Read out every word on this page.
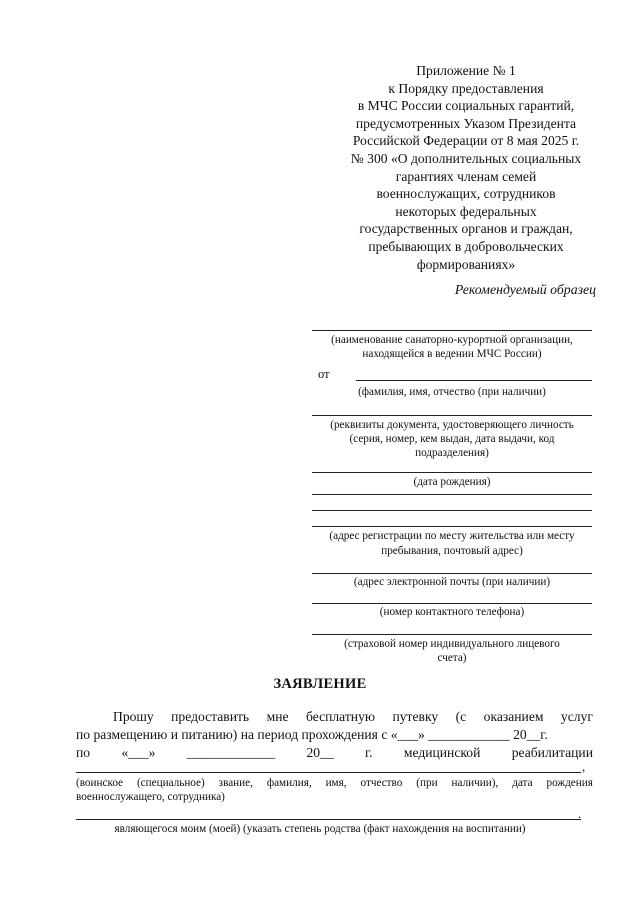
Приложение № 1
к Порядку предоставления
в МЧС России социальных гарантий,
предусмотренных Указом Президента
Российской Федерации от 8 мая 2025 г.
№ 300 «О дополнительных социальных
гарантиях членам семей
военнослужащих, сотрудников
некоторых федеральных
государственных органов и граждан,
пребывающих в добровольческих
формированиях»
Рекомендуемый образец
(наименование санаторно-курортной организации,
находящейся в ведении МЧС России)
от
(фамилия, имя, отчество (при наличии)
(реквизиты документа, удостоверяющего личность
(серия, номер, кем выдан, дата выдачи, код
подразделения)
(дата рождения)
(адрес регистрации по месту жительства или месту
пребывания, почтовый адрес)
(адрес электронной почты (при наличии)
(номер контактного телефона)
(страховой номер индивидуального лицевого
счета)
ЗАЯВЛЕНИЕ
Прошу предоставить мне бесплатную путевку (с оказанием услуг
по размещению и питанию) на период прохождения с «___» ____________ 20__г.
по «___» _____________ 20__ г. медицинской реабилитации
,
(воинское (специальное) звание, фамилия, имя, отчество (при наличии), дата рождения
военнослужащего, сотрудника)
.
являющегося моим (моей) (указать степень родства (факт нахождения на воспитании)
